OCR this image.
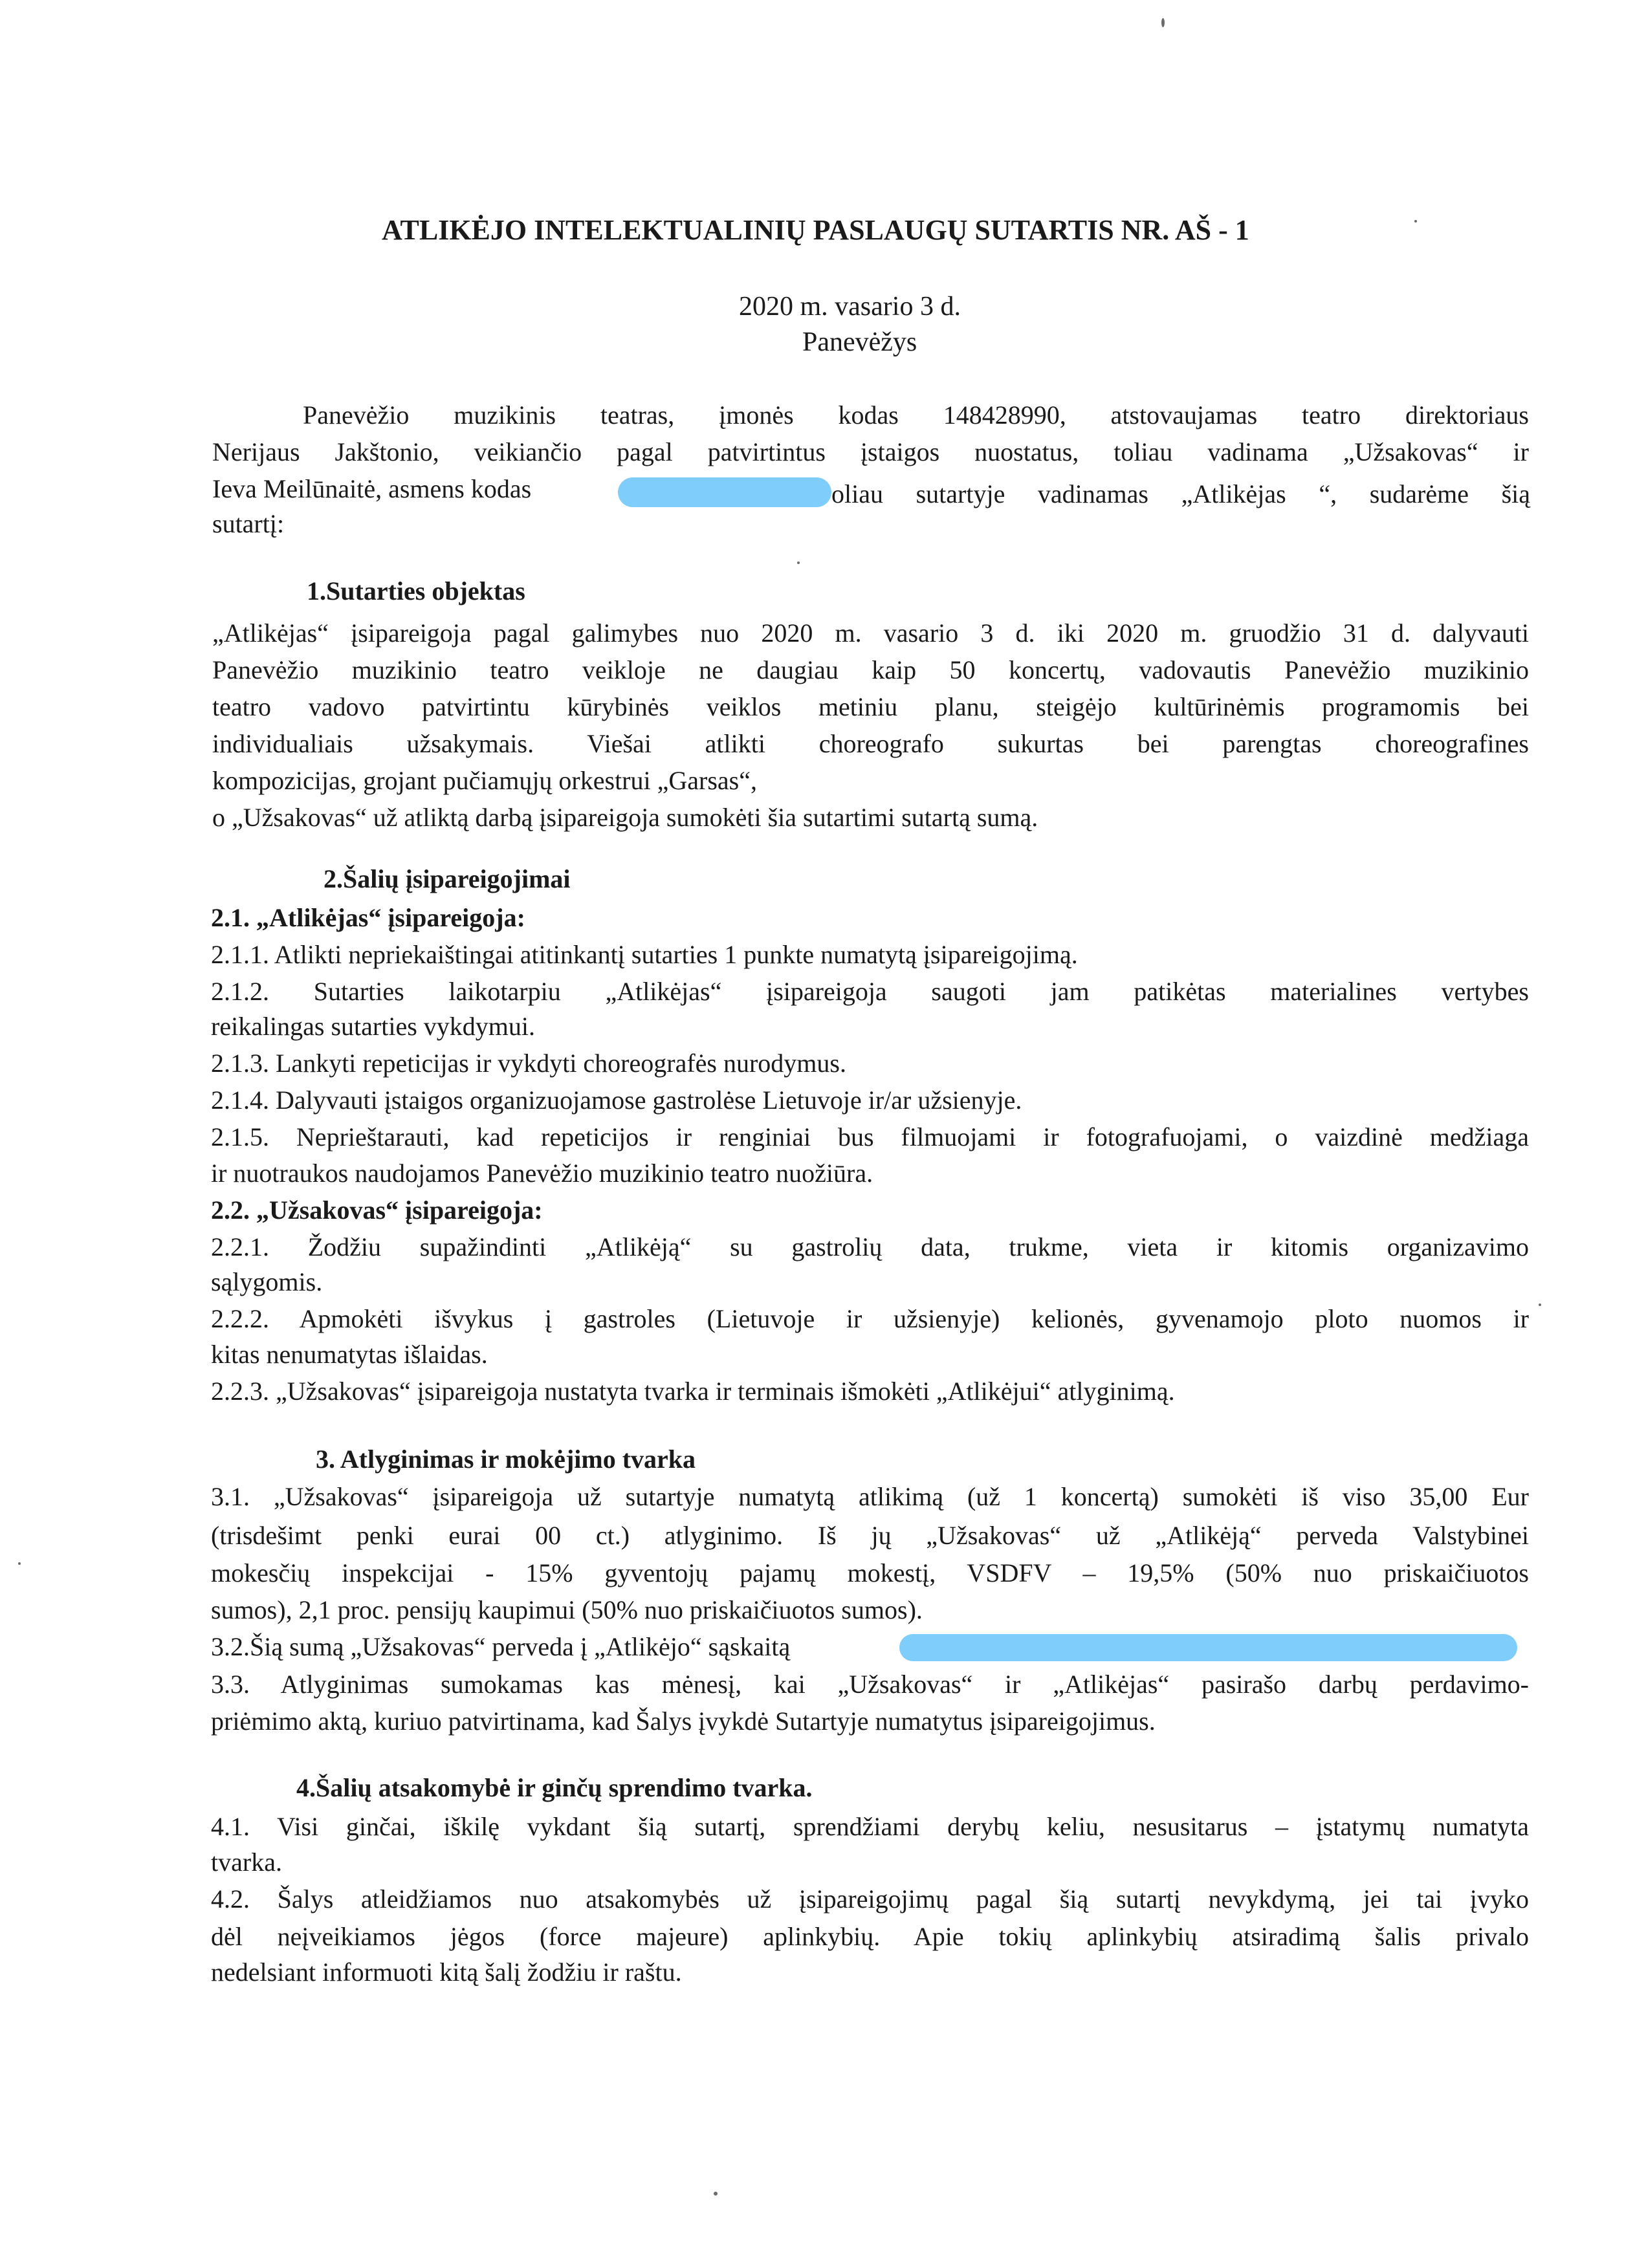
ATLIKĖJO INTELEKTUALINIŲ PASLAUGŲ SUTARTIS NR. AŠ - 1
2020 m. vasario 3 d.
Panevėžys
Panevėžio muzikinis teatras, įmonės kodas 148428990, atstovaujamas teatro direktoriaus
Nerijaus Jakštonio, veikiančio pagal patvirtintus įstaigos nuostatus, toliau vadinama „Užsakovas“ ir
Ieva Meilūnaitė, asmens kodas	oliau sutartyje vadinamas „Atlikėjas “, sudarėme šią
sutartį:
1.Sutarties objektas
„Atlikėjas“ įsipareigoja pagal galimybes nuo 2020 m. vasario 3 d. iki 2020 m. gruodžio 31 d. dalyvauti
Panevėžio muzikinio teatro veikloje ne daugiau kaip 50 koncertų, vadovautis Panevėžio muzikinio
teatro vadovo patvirtintu kūrybinės veiklos metiniu planu, steigėjo kultūrinėmis programomis bei
individualiais užsakymais. Viešai atlikti choreografo sukurtas bei parengtas choreografines
kompozicijas, grojant pučiamųjų orkestrui „Garsas“,
o „Užsakovas“ už atliktą darbą įsipareigoja sumokėti šia sutartimi sutartą sumą.
2.Šalių įsipareigojimai
2.1. „Atlikėjas“ įsipareigoja:
2.1.1. Atlikti nepriekaištingai atitinkantį sutarties 1 punkte numatytą įsipareigojimą.
2.1.2. Sutarties laikotarpiu „Atlikėjas“ įsipareigoja saugoti jam patikėtas materialines vertybes
reikalingas sutarties vykdymui.
2.1.3. Lankyti repeticijas ir vykdyti choreografės nurodymus.
2.1.4. Dalyvauti įstaigos organizuojamose gastrolėse Lietuvoje ir/ar užsienyje.
2.1.5. Neprieštarauti, kad repeticijos ir renginiai bus filmuojami ir fotografuojami, o vaizdinė medžiaga
ir nuotraukos naudojamos Panevėžio muzikinio teatro nuožiūra.
2.2. „Užsakovas“ įsipareigoja:
2.2.1. Žodžiu supažindinti „Atlikėją“ su gastrolių data, trukme, vieta ir kitomis organizavimo
sąlygomis.
2.2.2. Apmokėti išvykus į gastroles (Lietuvoje ir užsienyje) kelionės, gyvenamojo ploto nuomos ir
kitas nenumatytas išlaidas.
2.2.3. „Užsakovas“ įsipareigoja nustatyta tvarka ir terminais išmokėti „Atlikėjui“ atlyginimą.
3. Atlyginimas ir mokėjimo tvarka
3.1. „Užsakovas“ įsipareigoja už sutartyje numatytą atlikimą (už 1 koncertą) sumokėti iš viso 35,00 Eur
(trisdešimt penki eurai 00 ct.) atlyginimo. Iš jų „Užsakovas“ už „Atlikėją“ perveda Valstybinei
mokesčių inspekcijai - 15% gyventojų pajamų mokestį, VSDFV – 19,5% (50% nuo priskaičiuotos
sumos), 2,1 proc. pensijų kaupimui (50% nuo priskaičiuotos sumos).
3.2.Šią sumą „Užsakovas“ perveda į „Atlikėjo“ sąskaitą
3.3. Atlyginimas sumokamas kas mėnesį, kai „Užsakovas“ ir „Atlikėjas“ pasirašo darbų perdavimo-
priėmimo aktą, kuriuo patvirtinama, kad Šalys įvykdė Sutartyje numatytus įsipareigojimus.
4.Šalių atsakomybė ir ginčų sprendimo tvarka.
4.1. Visi ginčai, iškilę vykdant šią sutartį, sprendžiami derybų keliu, nesusitarus – įstatymų numatyta
tvarka.
4.2. Šalys atleidžiamos nuo atsakomybės už įsipareigojimų pagal šią sutartį nevykdymą, jei tai įvyko
dėl neįveikiamos jėgos (force majeure) aplinkybių. Apie tokių aplinkybių atsiradimą šalis privalo
nedelsiant informuoti kitą šalį žodžiu ir raštu.
